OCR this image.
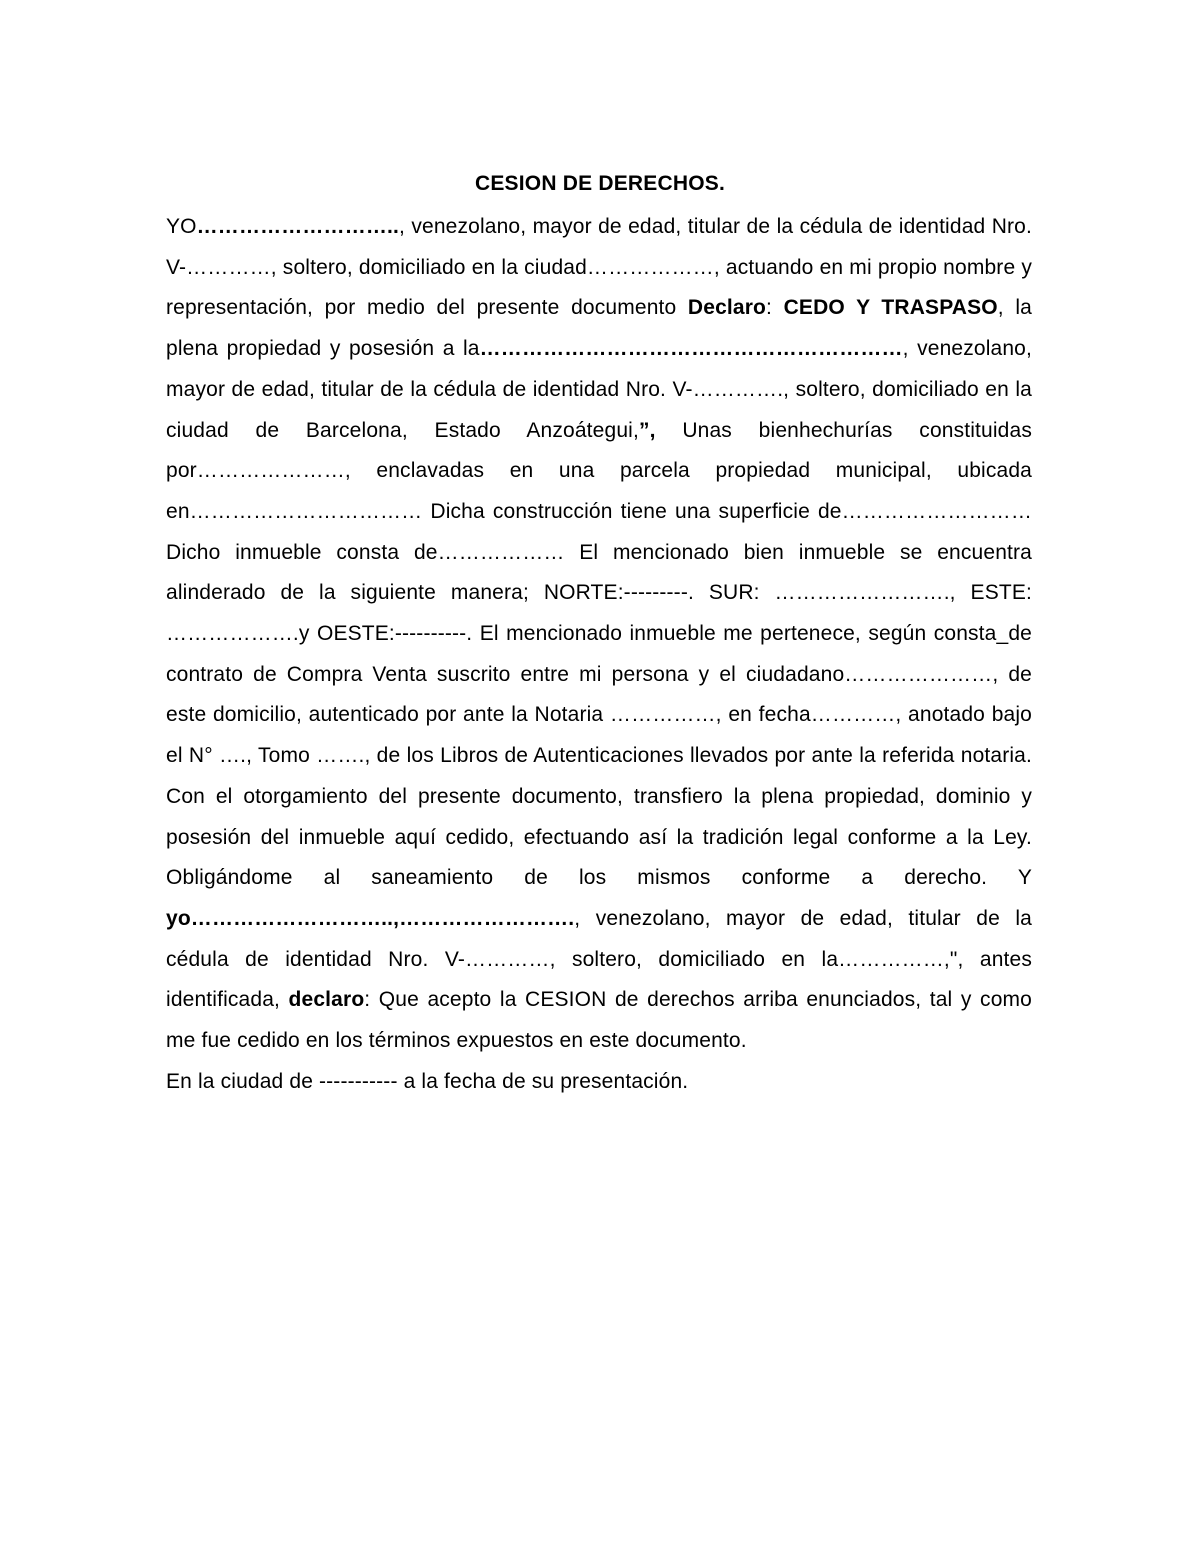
CESION DE DERECHOS.

YO……………………….., venezolano, mayor de edad, titular de la cédula de identidad Nro. V-…………, soltero, domiciliado en la ciudad………………, actuando en mi propio nombre y representación, por medio del presente documento Declaro: CEDO Y TRASPASO, la plena propiedad y posesión a la……………………………………………………, venezolano, mayor de edad, titular de la cédula de identidad Nro. V-…………., soltero, domiciliado en la ciudad de Barcelona, Estado Anzoátegui,”, Unas bienhechurías constituidas por…………………, enclavadas en una parcela propiedad municipal, ubicada en…………………………… Dicha construcción tiene una superficie de……………………… Dicho inmueble consta de……………… El mencionado bien inmueble se encuentra alinderado de la siguiente manera; NORTE:---------. SUR: ……………………., ESTE: ……………….y OESTE:----------. El mencionado inmueble me pertenece, según consta_de contrato de Compra Venta suscrito entre mi persona y el ciudadano…………………, de este domicilio, autenticado por ante la Notaria ……………, en fecha…………, anotado bajo el N° …., Tomo ……., de los Libros de Autenticaciones llevados por ante la referida notaria. Con el otorgamiento del presente documento, transfiero la plena propiedad, dominio y posesión del inmueble aquí cedido, efectuando así la tradición legal conforme a la Ley. Obligándome al saneamiento de los mismos conforme a derecho. Y yo………………………..,……………………., venezolano, mayor de edad, titular de la cédula de identidad Nro. V-…………, soltero, domiciliado en la……………,", antes identificada, declaro: Que acepto la CESION de derechos arriba enunciados, tal y como me fue cedido en los términos expuestos en este documento.

En la ciudad de ----------- a la fecha de su presentación.
